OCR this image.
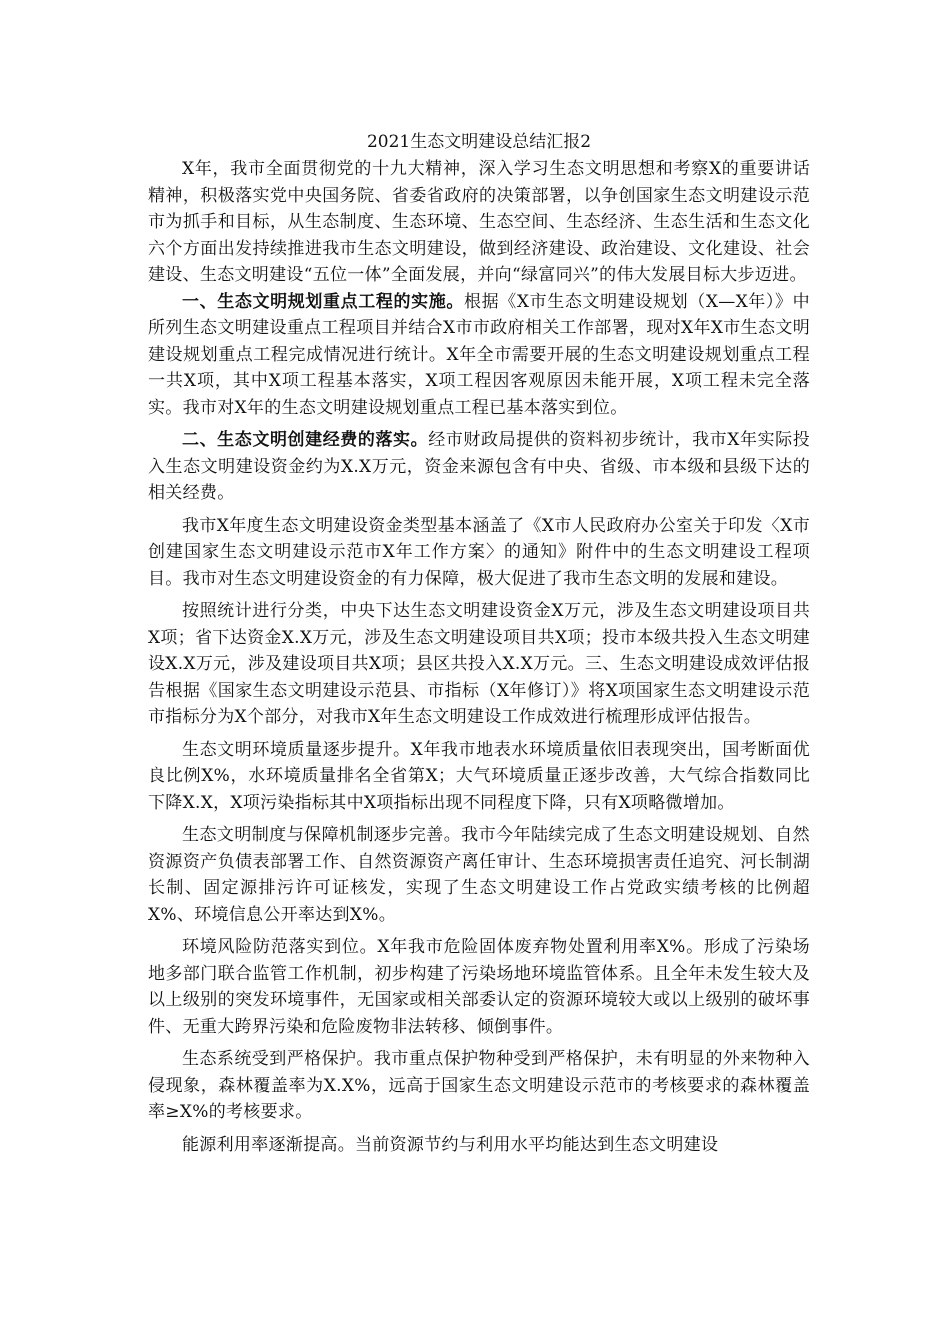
2021生态文明建设总结汇报2

X年，我市全面贯彻党的十九大精神，深入学习生态文明思想和考察X的重要讲话精神，积极落实党中央国务院、省委省政府的决策部署，以争创国家生态文明建设示范市为抓手和目标，从生态制度、生态环境、生态空间、生态经济、生态生活和生态文化六个方面出发持续推进我市生态文明建设，做到经济建设、政治建设、文化建设、社会建设、生态文明建设“五位一体”全面发展，并向“绿富同兴”的伟大发展目标大步迈进。

一、生态文明规划重点工程的实施。根据《X市生态文明建设规划（X—X年）》中所列生态文明建设重点工程项目并结合X市市政府相关工作部署，现对X年X市生态文明建设规划重点工程完成情况进行统计。X年全市需要开展的生态文明建设规划重点工程一共X项，其中X项工程基本落实，X项工程因客观原因未能开展，X项工程未完全落实。我市对X年的生态文明建设规划重点工程已基本落实到位。

二、生态文明创建经费的落实。经市财政局提供的资料初步统计，我市X年实际投入生态文明建设资金约为X.X万元，资金来源包含有中央、省级、市本级和县级下达的相关经费。

我市X年度生态文明建设资金类型基本涵盖了《X市人民政府办公室关于印发〈X市创建国家生态文明建设示范市X年工作方案〉的通知》附件中的生态文明建设工程项目。我市对生态文明建设资金的有力保障，极大促进了我市生态文明的发展和建设。

按照统计进行分类，中央下达生态文明建设资金X万元，涉及生态文明建设项目共X项；省下达资金X.X万元，涉及生态文明建设项目共X项；投市本级共投入生态文明建设X.X万元，涉及建设项目共X项；县区共投入X.X万元。三、生态文明建设成效评估报告根据《国家生态文明建设示范县、市指标（X年修订）》将X项国家生态文明建设示范市指标分为X个部分，对我市X年生态文明建设工作成效进行梳理形成评估报告。

生态文明环境质量逐步提升。X年我市地表水环境质量依旧表现突出，国考断面优良比例X%，水环境质量排名全省第X；大气环境质量正逐步改善，大气综合指数同比下降X.X，X项污染指标其中X项指标出现不同程度下降，只有X项略微增加。

生态文明制度与保障机制逐步完善。我市今年陆续完成了生态文明建设规划、自然资源资产负债表部署工作、自然资源资产离任审计、生态环境损害责任追究、河长制湖长制、固定源排污许可证核发，实现了生态文明建设工作占党政实绩考核的比例超X%、环境信息公开率达到X%。

环境风险防范落实到位。X年我市危险固体废弃物处置利用率X%。形成了污染场地多部门联合监管工作机制，初步构建了污染场地环境监管体系。且全年未发生较大及以上级别的突发环境事件，无国家或相关部委认定的资源环境较大或以上级别的破坏事件、无重大跨界污染和危险废物非法转移、倾倒事件。

生态系统受到严格保护。我市重点保护物种受到严格保护，未有明显的外来物种入侵现象，森林覆盖率为X.X%，远高于国家生态文明建设示范市的考核要求的森林覆盖率≥X%的考核要求。

能源利用率逐渐提高。当前资源节约与利用水平均能达到生态文明建设
